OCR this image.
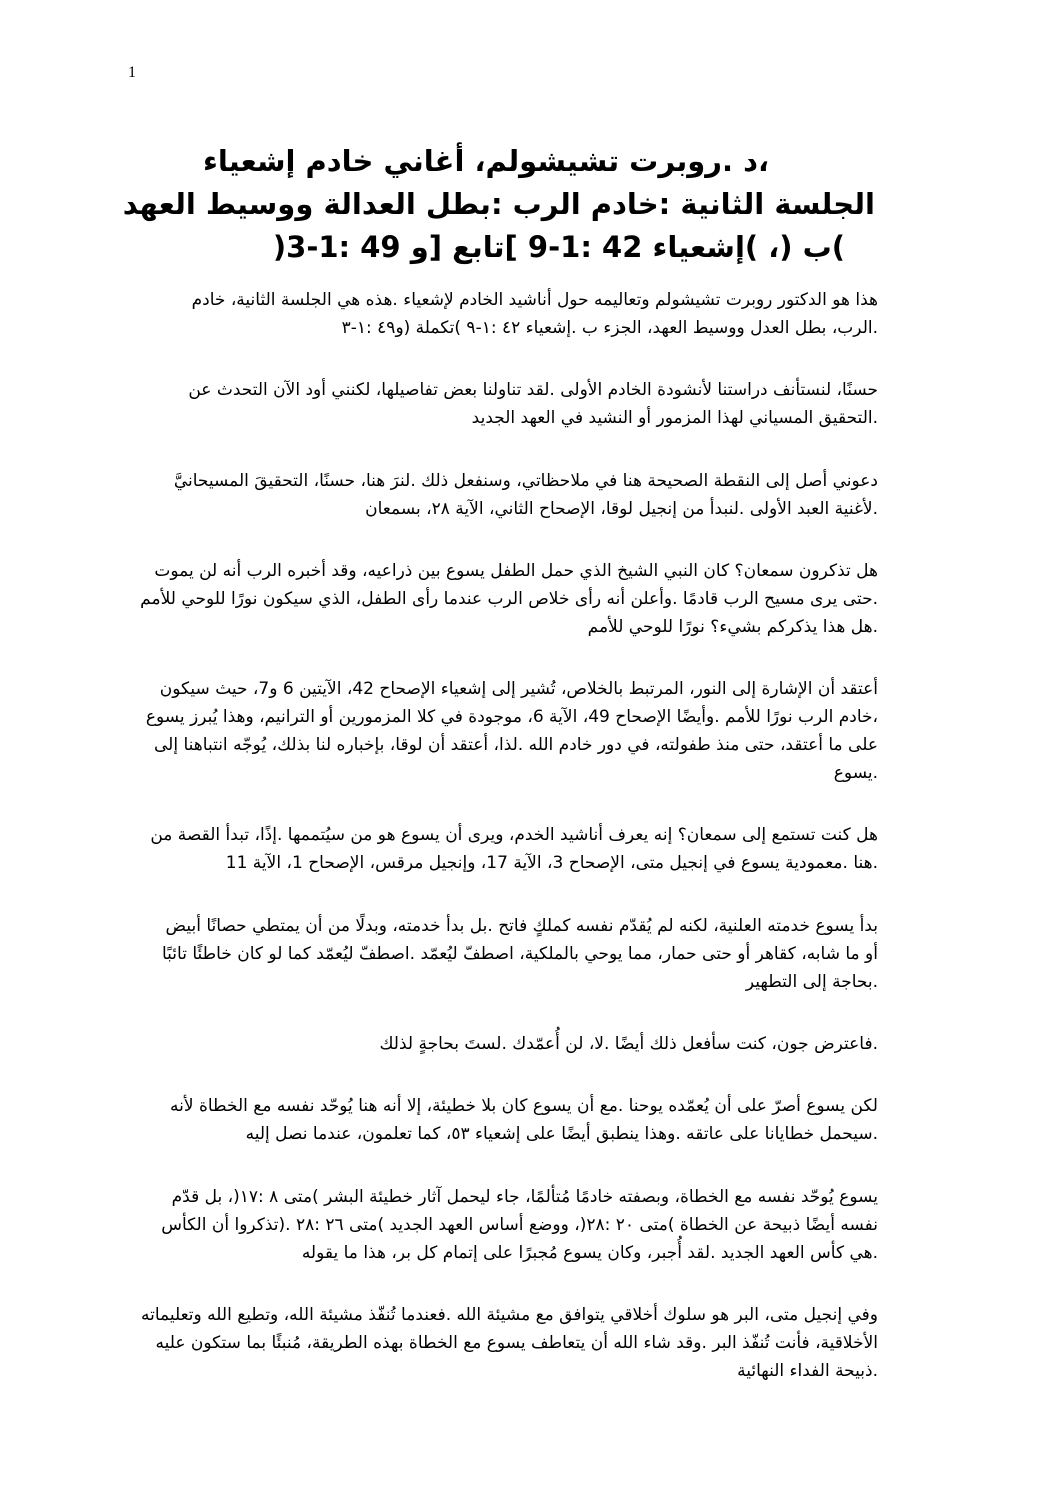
1
،د .روبرت تشيشولم، أغاني خادم إشعياء
الجلسة الثانية :خادم الرب :بطل العدالة ووسيط العهد
)ب (، )إشعياء 42 :1-9 ]تابع [و 49 :1-3(
هذا هو الدكتور روبرت تشيشولم وتعاليمه حول أناشيد الخادم لإشعياء .هذه هي الجلسة الثانية، خادم
.الرب، بطل العدل ووسيط العهد، الجزء ب .إشعياء ٤٢ :١-٩ )تكملة (و٤٩ :١-٣
حسنًا، لنستأنف دراستنا لأنشودة الخادم الأولى .لقد تناولنا بعض تفاصيلها، لكنني أود الآن التحدث عن
.التحقيق المسياني لهذا المزمور أو النشيد في العهد الجديد
دعوني أصل إلى النقطة الصحيحة هنا في ملاحظاتي، وسنفعل ذلك .لنرَ هنا، حسنًا، التحقيقَ المسيحانيَّ
.لأغنية العبد الأولى .لنبدأ من إنجيل لوقا، الإصحاح الثاني، الآية ٢٨، بسمعان
هل تذكرون سمعان؟ كان النبي الشيخ الذي حمل الطفل يسوع بين ذراعيه، وقد أخبره الرب أنه لن يموت
.حتى يرى مسيح الرب قادمًا .وأعلن أنه رأى خلاص الرب عندما رأى الطفل، الذي سيكون نورًا للوحي للأمم
.هل هذا يذكركم بشيء؟ نورًا للوحي للأمم
أعتقد أن الإشارة إلى النور، المرتبط بالخلاص، تُشير إلى إشعياء الإصحاح 42، الآيتين 6 و7، حيث سيكون
،خادم الرب نورًا للأمم .وأيضًا الإصحاح 49، الآية 6، موجودة في كلا المزمورين أو الترانيم، وهذا يُبرز يسوع
على ما أعتقد، حتى منذ طفولته، في دور خادم الله .لذا، أعتقد أن لوقا، بإخباره لنا بذلك، يُوجّه انتباهنا إلى
.يسوع
هل كنت تستمع إلى سمعان؟ إنه يعرف أناشيد الخدم، ويرى أن يسوع هو من سيُتممها .إذًا، تبدأ القصة من
.هنا .معمودية يسوع في إنجيل متى، الإصحاح 3، الآية 17، وإنجيل مرقس، الإصحاح 1، الآية 11
بدأ يسوع خدمته العلنية، لكنه لم يُقدّم نفسه كملكٍ فاتح .بل بدأ خدمته، وبدلًا من أن يمتطي حصانًا أبيض
أو ما شابه، كقاهر أو حتى حمار، مما يوحي بالملكية، اصطفّ ليُعمّد .اصطفّ ليُعمّد كما لو كان خاطئًا تائبًا
.بحاجة إلى التطهير
.فاعترض جون، كنت سأفعل ذلك أيضًا .لا، لن أُعمّدك .لستَ بحاجةٍ لذلك
لكن يسوع أصرّ على أن يُعمّده يوحنا .مع أن يسوع كان بلا خطيئة، إلا أنه هنا يُوحّد نفسه مع الخطاة لأنه
.سيحمل خطايانا على عاتقه .وهذا ينطبق أيضًا على إشعياء ٥٣، كما تعلمون، عندما نصل إليه
يسوع يُوحّد نفسه مع الخطاة، وبصفته خادمًا مُتألمًا، جاء ليحمل آثار خطيئة البشر )متى ٨ :١٧(، بل قدّم
نفسه أيضًا ذبيحة عن الخطاة )متى ٢٠ :٢٨(، ووضع أساس العهد الجديد )متى ٢٦ :٢٨ .(تذكروا أن الكأس
.هي كأس العهد الجديد .لقد أُجبر، وكان يسوع مُجبرًا على إتمام كل بر، هذا ما يقوله
وفي إنجيل متى، البر هو سلوك أخلاقي يتوافق مع مشيئة الله .فعندما تُنفّذ مشيئة الله، وتطيع الله وتعليماته
الأخلاقية، فأنت تُنفّذ البر .وقد شاء الله أن يتعاطف يسوع مع الخطاة بهذه الطريقة، مُنبئًا بما ستكون عليه
.ذبيحة الفداء النهائية
